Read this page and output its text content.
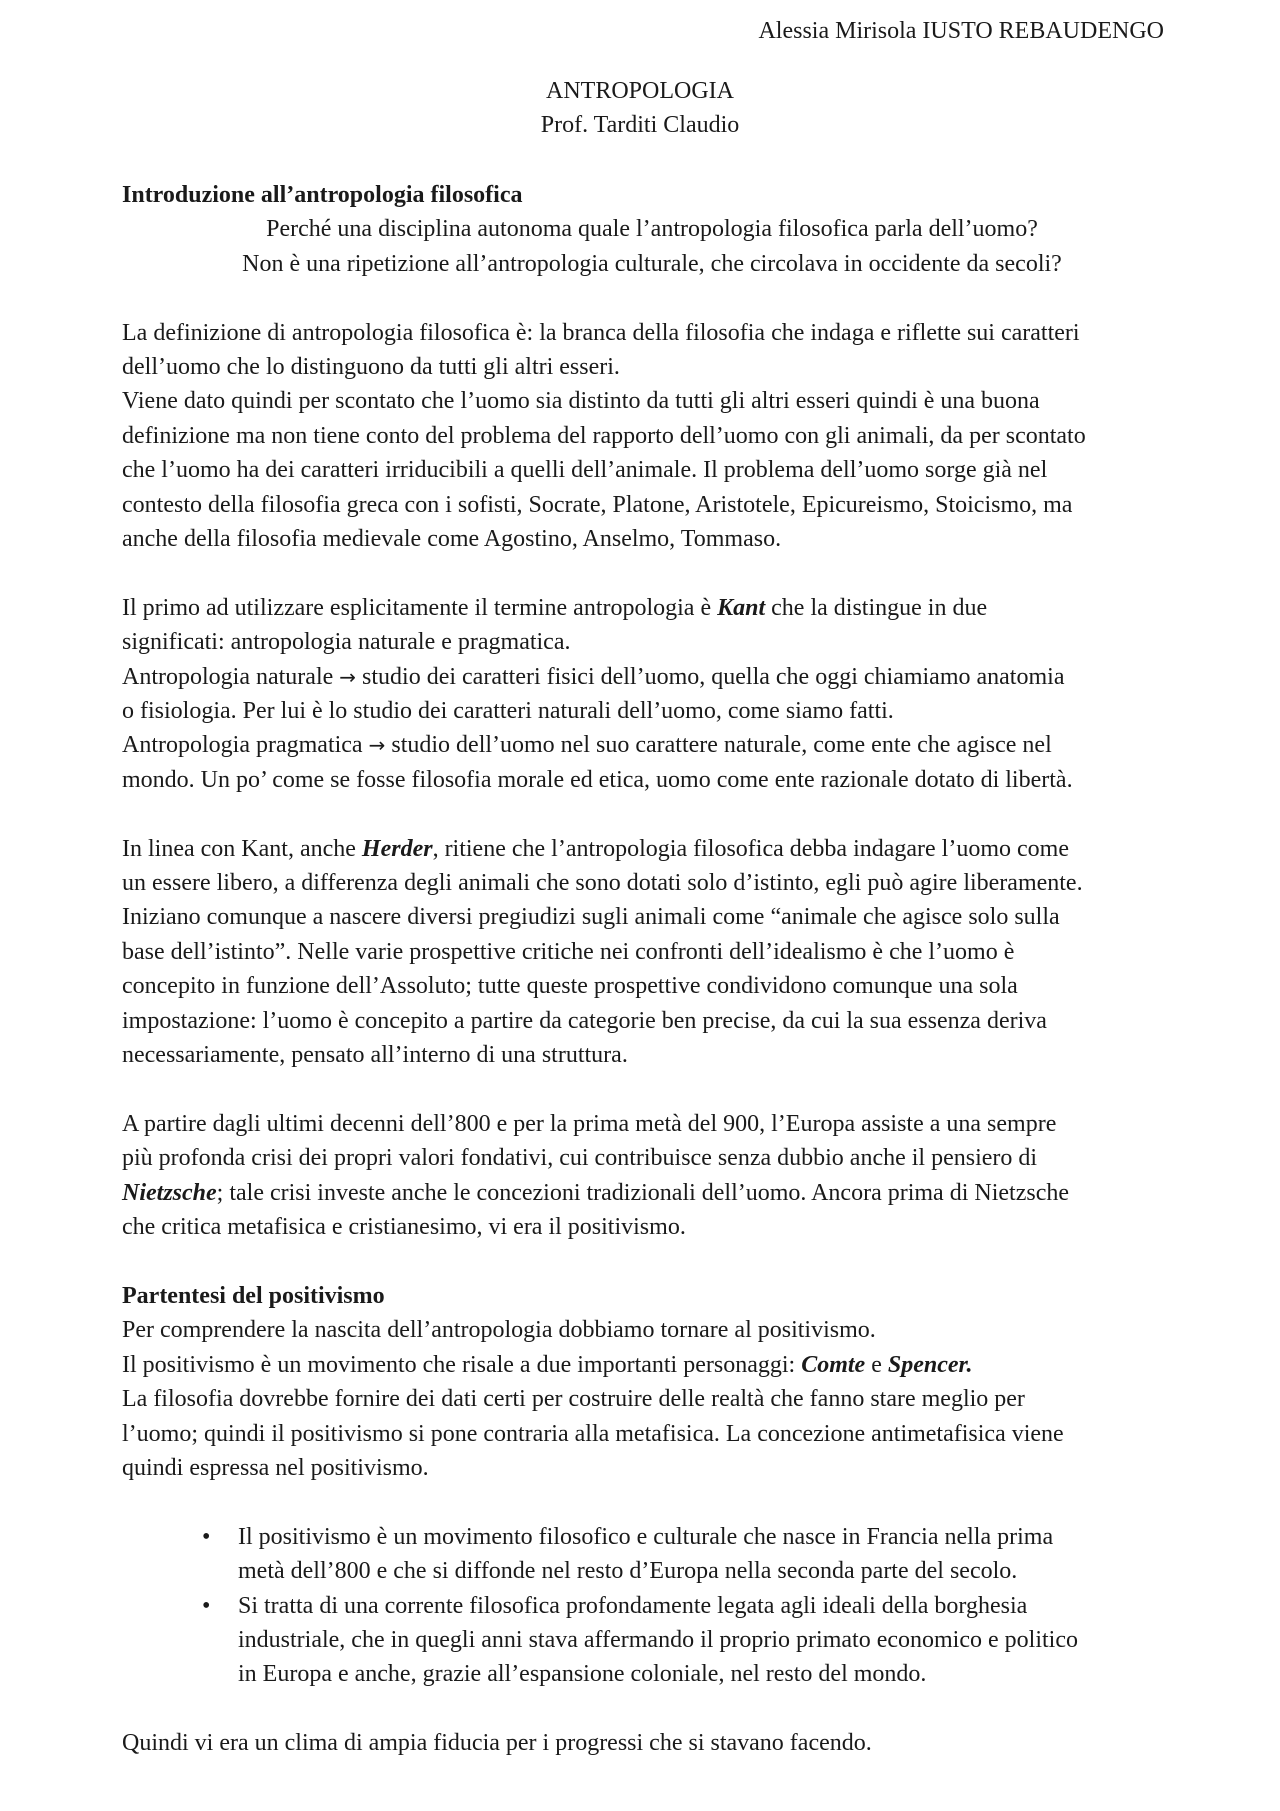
Alessia Mirisola IUSTO REBAUDENGO
ANTROPOLOGIA
Prof. Tarditi Claudio

Introduzione all’antropologia filosofica

Perché una disciplina autonoma quale l’antropologia filosofica parla dell’uomo?

Non è una ripetizione all’antropologia culturale, che circolava in occidente da secoli?

La definizione di antropologia filosofica è: la branca della filosofia che indaga e riflette sui caratteri

dell’uomo che lo distinguono da tutti gli altri esseri.

Viene dato quindi per scontato che l’uomo sia distinto da tutti gli altri esseri quindi è una buona

definizione ma non tiene conto del problema del rapporto dell’uomo con gli animali, da per scontato

che l’uomo ha dei caratteri irriducibili a quelli dell’animale. Il problema dell’uomo sorge già nel

contesto della filosofia greca con i sofisti, Socrate, Platone, Aristotele, Epicureismo, Stoicismo, ma

anche della filosofia medievale come Agostino, Anselmo, Tommaso.

Il primo ad utilizzare esplicitamente il termine antropologia è Kant che la distingue in due

significati: antropologia naturale e pragmatica.

Antropologia naturale → studio dei caratteri fisici dell’uomo, quella che oggi chiamiamo anatomia

o fisiologia. Per lui è lo studio dei caratteri naturali dell’uomo, come siamo fatti.

Antropologia pragmatica → studio dell’uomo nel suo carattere naturale, come ente che agisce nel

mondo. Un po’ come se fosse filosofia morale ed etica, uomo come ente razionale dotato di libertà.

In linea con Kant, anche Herder, ritiene che l’antropologia filosofica debba indagare l’uomo come

un essere libero, a differenza degli animali che sono dotati solo d’istinto, egli può agire liberamente.

Iniziano comunque a nascere diversi pregiudizi sugli animali come “animale che agisce solo sulla

base dell’istinto”. Nelle varie prospettive critiche nei confronti dell’idealismo è che l’uomo è

concepito in funzione dell’Assoluto; tutte queste prospettive condividono comunque una sola

impostazione: l’uomo è concepito a partire da categorie ben precise, da cui la sua essenza deriva

necessariamente, pensato all’interno di una struttura.

A partire dagli ultimi decenni dell’800 e per la prima metà del 900, l’Europa assiste a una sempre

più profonda crisi dei propri valori fondativi, cui contribuisce senza dubbio anche il pensiero di

Nietzsche; tale crisi investe anche le concezioni tradizionali dell’uomo. Ancora prima di Nietzsche

che critica metafisica e cristianesimo, vi era il positivismo.

Partentesi del positivismo

Per comprendere la nascita dell’antropologia dobbiamo tornare al positivismo.

Il positivismo è un movimento che risale a due importanti personaggi: Comte e Spencer.

La filosofia dovrebbe fornire dei dati certi per costruire delle realtà che fanno stare meglio per

l’uomo; quindi il positivismo si pone contraria alla metafisica. La concezione antimetafisica viene

quindi espressa nel positivismo.

• Il positivismo è un movimento filosofico e culturale che nasce in Francia nella prima

metà dell’800 e che si diffonde nel resto d’Europa nella seconda parte del secolo.

• Si tratta di una corrente filosofica profondamente legata agli ideali della borghesia

industriale, che in quegli anni stava affermando il proprio primato economico e politico

in Europa e anche, grazie all’espansione coloniale, nel resto del mondo.

Quindi vi era un clima di ampia fiducia per i progressi che si stavano facendo.
